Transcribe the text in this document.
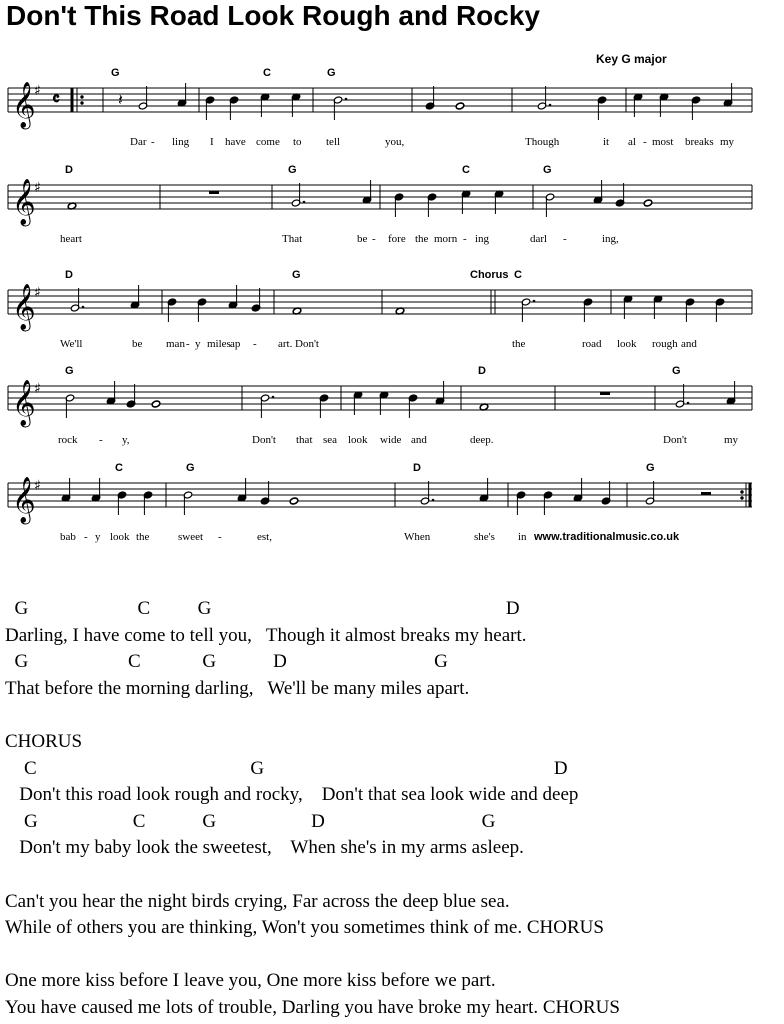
Don't This Road Look Rough and Rocky
Key G major
𝄞
♯ 𝄴	𝄽
G	C	G
Dar - ling I have come to tell	you,	Though	it al - most breaks my
𝄞
♯
D	G	C	G
heart	That	be - fore the morn - ing	darl -	ing,
𝄞
♯
D	G	C
Chorus
We'll	be man - y miles ap - art. Don't	the	road look rough and
𝄞
♯
G	D	G
rock - y,	Don't that sea look wide and	deep.	Don't	my
𝄞
♯
C	G	D	G
bab - y look the	sweet -	est,	When	she's in www.traditionalmusic.co.uk
G                       C          G                                                              D
Darling, I have come to tell you,   Though it almost breaks my heart.
G                     C             G            D                               G
That before the morning darling,   We'll be many miles apart.
CHORUS
C                                             G                                                             D
Don't this road look rough and rocky,    Don't that sea look wide and deep
G                    C            G                    D                                 G
Don't my baby look the sweetest,    When she's in my arms asleep.
Can't you hear the night birds crying, Far across the deep blue sea.
While of others you are thinking, Won't you sometimes think of me. CHORUS
One more kiss before I leave you, One more kiss before we part.
You have caused me lots of trouble, Darling you have broke my heart. CHORUS
